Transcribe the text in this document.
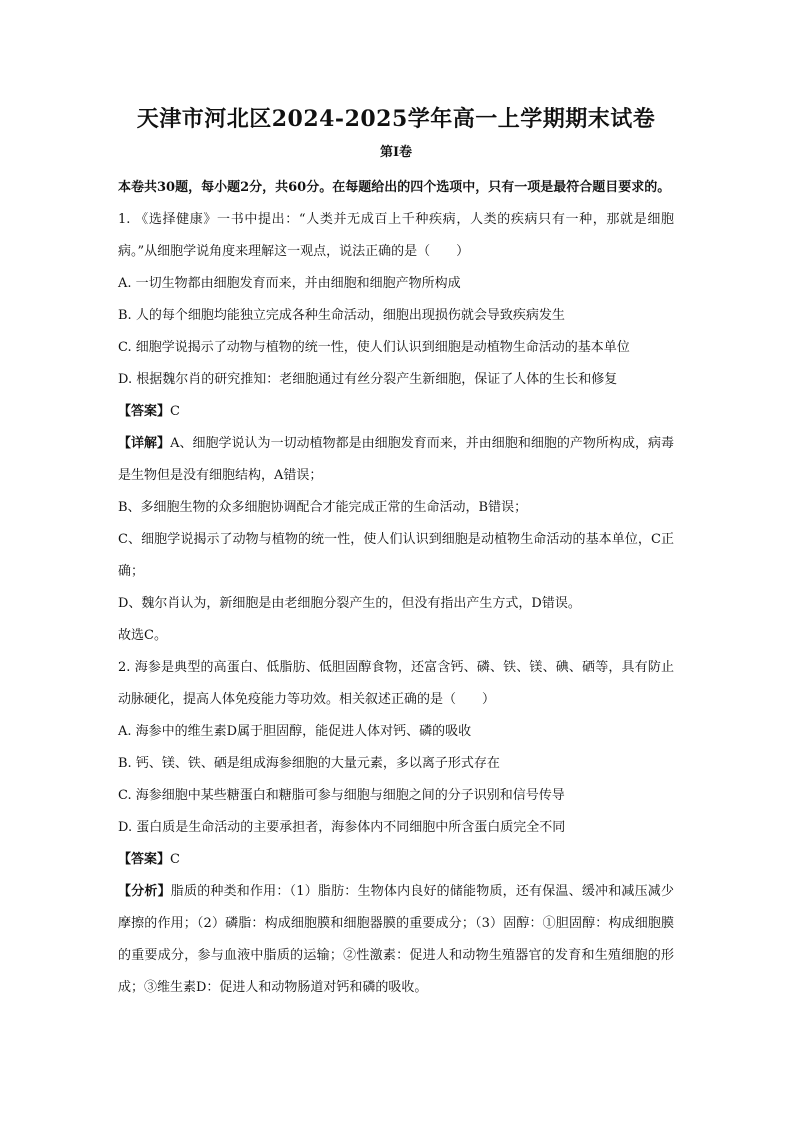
天津市河北区2024-2025学年高一上学期期末试卷
第Ⅰ卷
本卷共30题，每小题2分，共60分。在每题给出的四个选项中，只有一项是最符合题目要求的。
1. 《选择健康》一书中提出：“人类并无成百上千种疾病，人类的疾病只有一种，那就是细胞病。”从细胞学说角度来理解这一观点，说法正确的是（　　）
A. 一切生物都由细胞发育而来，并由细胞和细胞产物所构成
B. 人的每个细胞均能独立完成各种生命活动，细胞出现损伤就会导致疾病发生
C. 细胞学说揭示了动物与植物的统一性，使人们认识到细胞是动植物生命活动的基本单位
D. 根据魏尔肖的研究推知：老细胞通过有丝分裂产生新细胞，保证了人体的生长和修复
【答案】C
【详解】A、细胞学说认为一切动植物都是由细胞发育而来，并由细胞和细胞的产物所构成，病毒是生物但是没有细胞结构，A错误；
B、多细胞生物的众多细胞协调配合才能完成正常的生命活动，B错误；
C、细胞学说揭示了动物与植物的统一性，使人们认识到细胞是动植物生命活动的基本单位，C正确；
D、魏尔肖认为，新细胞是由老细胞分裂产生的，但没有指出产生方式，D错误。
故选C。
2. 海参是典型的高蛋白、低脂肪、低胆固醇食物，还富含钙、磷、铁、镁、碘、硒等，具有防止动脉硬化，提高人体免疫能力等功效。相关叙述正确的是（　　）
A. 海参中的维生素D属于胆固醇，能促进人体对钙、磷的吸收
B. 钙、镁、铁、硒是组成海参细胞的大量元素，多以离子形式存在
C. 海参细胞中某些糖蛋白和糖脂可参与细胞与细胞之间的分子识别和信号传导
D. 蛋白质是生命活动的主要承担者，海参体内不同细胞中所含蛋白质完全不同
【答案】C
【分析】脂质的种类和作用：（1）脂肪：生物体内良好的储能物质，还有保温、缓冲和减压减少摩擦的作用；（2）磷脂：构成细胞膜和细胞器膜的重要成分；（3）固醇：①胆固醇：构成细胞膜的重要成分，参与血液中脂质的运输；②性激素：促进人和动物生殖器官的发育和生殖细胞的形成；③维生素D：促进人和动物肠道对钙和磷的吸收。
